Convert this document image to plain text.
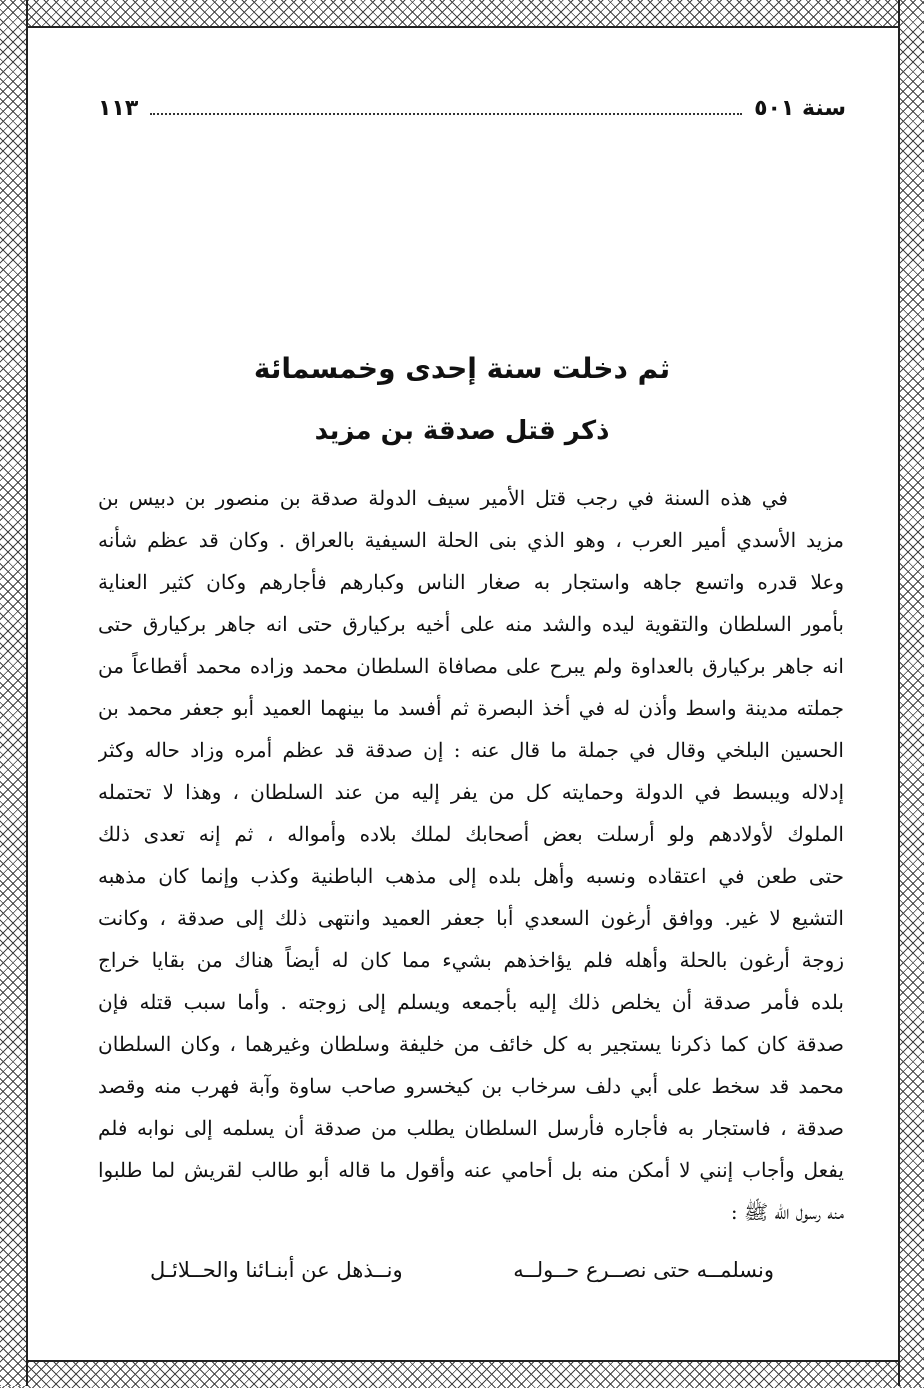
سنة ٥٠١
١١٣
ثم دخلت سنة إحدى وخمسمائة
ذكر قتل صدقة بن مزيد
في هذه السنة في رجب قتل الأمير سيف الدولة صدقة بن منصور بن دبيس بن
مزيد الأسدي أمير العرب ، وهو الذي بنى الحلة السيفية بالعراق . وكان قد عظم شأنه
وعلا قدره واتسع جاهه واستجار به صغار الناس وكبارهم فأجارهم وكان كثير العناية
بأمور السلطان والتقوية ليده والشد منه على أخيه بركيارق حتى انه جاهر بركيارق حتى
انه جاهر بركيارق بالعداوة ولم يبرح على مصافاة السلطان محمد وزاده محمد أقطاعاً من
جملته مدينة واسط وأذن له في أخذ البصرة ثم أفسد ما بينهما العميد أبو جعفر محمد بن
الحسين البلخي وقال في جملة ما قال عنه : إن صدقة قد عظم أمره وزاد حاله وكثر
إدلاله ويبسط في الدولة وحمايته كل من يفر إليه من عند السلطان ، وهذا لا تحتمله
الملوك لأولادهم ولو أرسلت بعض أصحابك لملك بلاده وأمواله ، ثم إنه تعدى ذلك
حتى طعن في اعتقاده ونسبه وأهل بلده إلى مذهب الباطنية وكذب وإنما كان مذهبه
التشيع لا غير. ووافق أرغون السعدي أبا جعفر العميد وانتهى ذلك إلى صدقة ، وكانت
زوجة أرغون بالحلة وأهله فلم يؤاخذهم بشيء مما كان له أيضاً هناك من بقايا خراج
بلده فأمر صدقة أن يخلص ذلك إليه بأجمعه ويسلم إلى زوجته . وأما سبب قتله فإن
صدقة كان كما ذكرنا يستجير به كل خائف من خليفة وسلطان وغيرهما ، وكان السلطان
محمد قد سخط على أبي دلف سرخاب بن كيخسرو صاحب ساوة وآبة فهرب منه وقصد
صدقة ، فاستجار به فأجاره فأرسل السلطان يطلب من صدقة أن يسلمه إلى نوابه فلم
يفعل وأجاب إنني لا أمكن منه بل أحامي عنه وأقول ما قاله أبو طالب لقريش لما طلبوا
منه رسول الله ﷺ :
ونسلمــه حتى نصــرع حــولــه
ونــذهل عن أبنـائنا والحــلائـل
